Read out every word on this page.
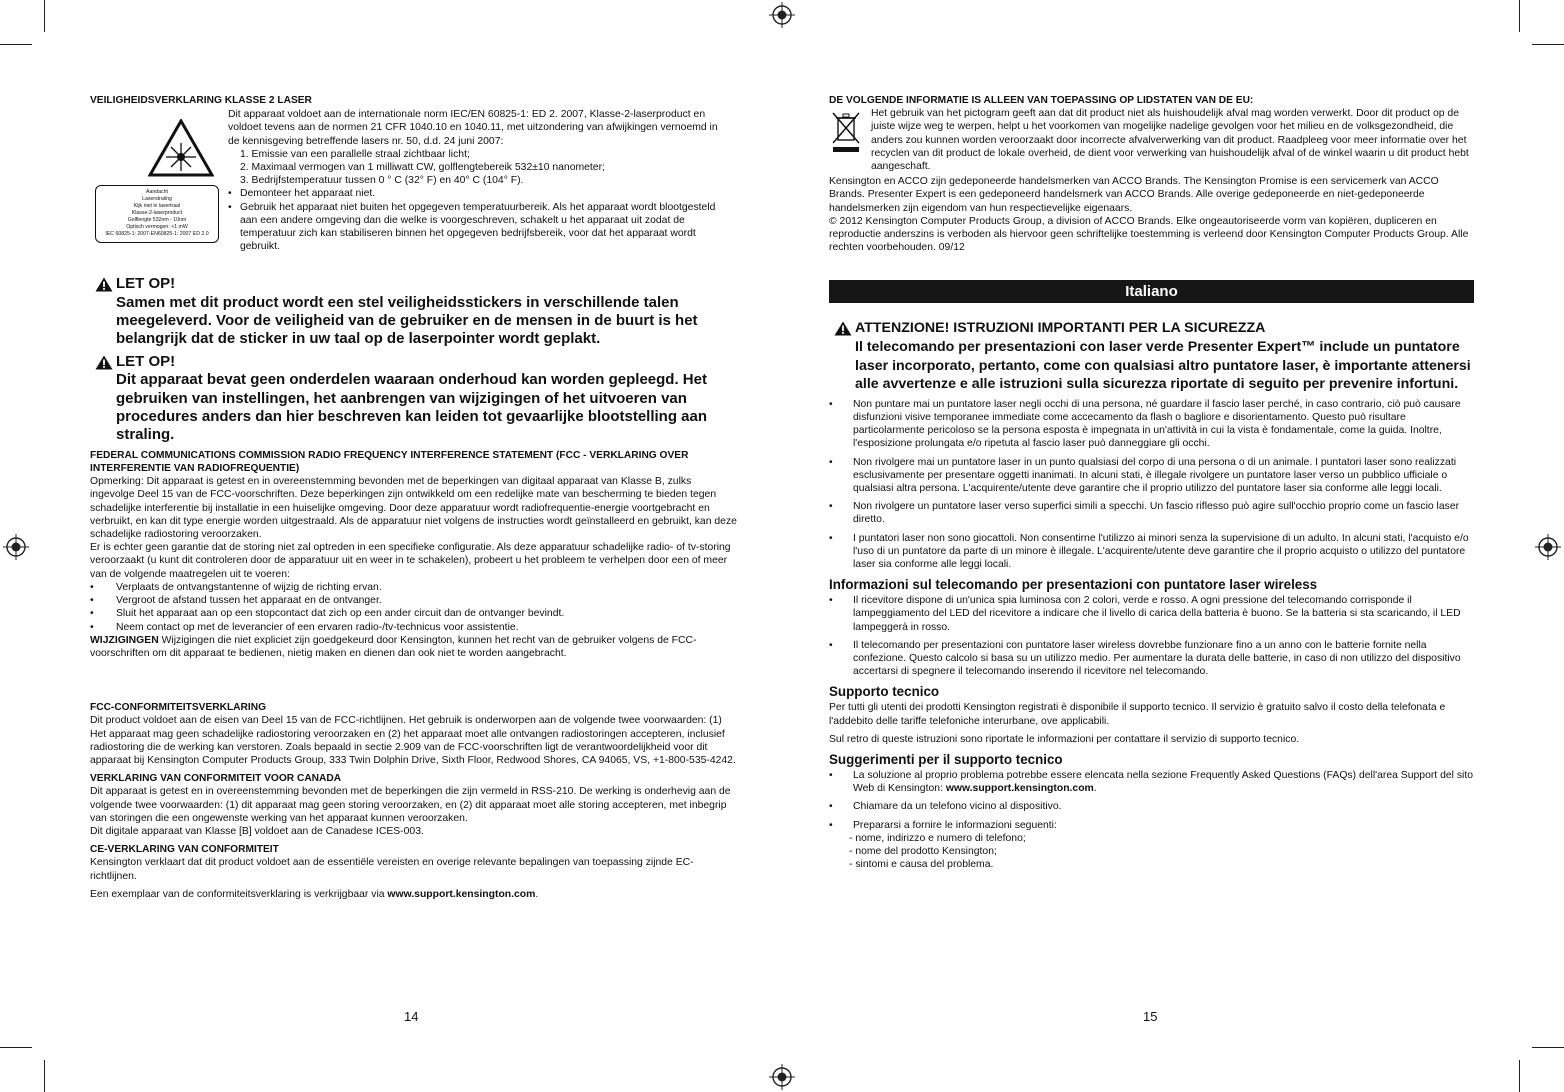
VEILIGHEIDSVERKLARING KLASSE 2 LASER

Aandacht
Laserstraling
Kijk niet in lasertraal
Klasse-2-laserproduct
Golflengte 532nm - 10nm
Optisch vermogen: <1 mW
IEC 60825-1: 2007-EN60825-1: 2007 ED 2.0

Dit apparaat voldoet aan de internationale norm IEC/EN 60825-1: ED 2. 2007, Klasse-2-laserproduct en voldoet tevens aan de normen 21 CFR 1040.10 en 1040.11, met uitzondering van afwijkingen vernoemd in de kennisgeving betreffende lasers nr. 50, d.d. 24 juni 2007:

1. Emissie van een parallelle straal zichtbaar licht;
2. Maximaal vermogen van 1 milliwatt CW, golflengtebereik 532±10 nanometer;
3. Bedrijfstemperatuur tussen 0 ° C (32° F) en 40° C (104° F).
• Demonteer het apparaat niet.
• Gebruik het apparaat niet buiten het opgegeven temperatuurbereik. Als het apparaat wordt blootgesteld aan een andere omgeving dan die welke is voorgeschreven, schakelt u het apparaat uit zodat de temperatuur zich kan stabiliseren binnen het opgegeven bedrijfsbereik, voor dat het apparaat wordt gebruikt.
LET OP!
Samen met dit product wordt een stel veiligheidsstickers in verschillende talen meegeleverd. Voor de veiligheid van de gebruiker en de mensen in de buurt is het belangrijk dat de sticker in uw taal op de laserpointer wordt geplakt.
LET OP!
Dit apparaat bevat geen onderdelen waaraan onderhoud kan worden gepleegd. Het gebruiken van instellingen, het aanbrengen van wijzigingen of het uitvoeren van procedures anders dan hier beschreven kan leiden tot gevaarlijke blootstelling aan straling.

FEDERAL COMMUNICATIONS COMMISSION RADIO FREQUENCY INTERFERENCE STATEMENT (FCC - VERKLARING OVER INTERFERENTIE VAN RADIOFREQUENTIE)

Opmerking: Dit apparaat is getest en in overeenstemming bevonden met de beperkingen van digitaal apparaat van Klasse B, zulks ingevolge Deel 15 van de FCC-voorschriften. Deze beperkingen zijn ontwikkeld om een redelijke mate van bescherming te bieden tegen schadelijke interferentie bij installatie in een huiselijke omgeving. Door deze apparatuur wordt radiofrequentie-energie voortgebracht en verbruikt, en kan dit type energie worden uitgestraald. Als de apparatuur niet volgens de instructies wordt geïnstalleerd en gebruikt, kan deze schadelijke radiostoring veroorzaken.

Er is echter geen garantie dat de storing niet zal optreden in een specifieke configuratie. Als deze apparatuur schadelijke radio- of tv-storing veroorzaakt (u kunt dit controleren door de apparatuur uit en weer in te schakelen), probeert u het probleem te verhelpen door een of meer van de volgende maatregelen uit te voeren:

• Verplaats de ontvangstantenne of wijzig de richting ervan.
• Vergroot de afstand tussen het apparaat en de ontvanger.
• Sluit het apparaat aan op een stopcontact dat zich op een ander circuit dan de ontvanger bevindt.
• Neem contact op met de leverancier of een ervaren radio-/tv-technicus voor assistentie.

WIJZIGINGEN Wijzigingen die niet expliciet zijn goedgekeurd door Kensington, kunnen het recht van de gebruiker volgens de FCC-voorschriften om dit apparaat te bedienen, nietig maken en dienen dan ook niet te worden aangebracht.

FCC-CONFORMITEITSVERKLARING

Dit product voldoet aan de eisen van Deel 15 van de FCC-richtlijnen. Het gebruik is onderworpen aan de volgende twee voorwaarden: (1) Het apparaat mag geen schadelijke radiostoring veroorzaken en (2) het apparaat moet alle ontvangen radiostoringen accepteren, inclusief radiostoring die de werking kan verstoren. Zoals bepaald in sectie 2.909 van de FCC-voorschriften ligt de verantwoordelijkheid voor dit apparaat bij Kensington Computer Products Group, 333 Twin Dolphin Drive, Sixth Floor, Redwood Shores, CA 94065, VS, +1-800-535-4242.

VERKLARING VAN CONFORMITEIT VOOR CANADA

Dit apparaat is getest en in overeenstemming bevonden met de beperkingen die zijn vermeld in RSS-210. De werking is onderhevig aan de volgende twee voorwaarden: (1) dit apparaat mag geen storing veroorzaken, en (2) dit apparaat moet alle storing accepteren, met inbegrip van storingen die een ongewenste werking van het apparaat kunnen veroorzaken.

Dit digitale apparaat van Klasse [B] voldoet aan de Canadese ICES-003.

CE-VERKLARING VAN CONFORMITEIT

Kensington verklaart dat dit product voldoet aan de essentiële vereisten en overige relevante bepalingen van toepassing zijnde EC-richtlijnen.

Een exemplaar van de conformiteitsverklaring is verkrijgbaar via www.support.kensington.com.

14

DE VOLGENDE INFORMATIE IS ALLEEN VAN TOEPASSING OP LIDSTATEN VAN DE EU:

Het gebruik van het pictogram geeft aan dat dit product niet als huishoudelijk afval mag worden verwerkt. Door dit product op de juiste wijze weg te werpen, helpt u het voorkomen van mogelijke nadelige gevolgen voor het milieu en de volksgezondheid, die anders zou kunnen worden veroorzaakt door incorrecte afvalverwerking van dit product. Raadpleeg voor meer informatie over het recyclen van dit product de lokale overheid, de dient voor verwerking van huishoudelijk afval of de winkel waarin u dit product hebt aangeschaft.

Kensington en ACCO zijn gedeponeerde handelsmerken van ACCO Brands. The Kensington Promise is een servicemerk van ACCO Brands. Presenter Expert is een gedeponeerd handelsmerk van ACCO Brands. Alle overige gedeponeerde en niet-gedeponeerde handelsmerken zijn eigendom van hun respectievelijke eigenaars.

© 2012 Kensington Computer Products Group, a division of ACCO Brands. Elke ongeautoriseerde vorm van kopiëren, dupliceren en reproductie anderszins is verboden als hiervoor geen schriftelijke toestemming is verleend door Kensington Computer Products Group. Alle rechten voorbehouden. 09/12

Italiano
ATTENZIONE! ISTRUZIONI IMPORTANTI PER LA SICUREZZA
Il telecomando per presentazioni con laser verde Presenter Expert™ include un puntatore laser incorporato, pertanto, come con qualsiasi altro puntatore laser, è importante attenersi alle avvertenze e alle istruzioni sulla sicurezza riportate di seguito per prevenire infortuni.
• Non puntare mai un puntatore laser negli occhi di una persona, né guardare il fascio laser perché, in caso contrario, ciò può causare disfunzioni visive temporanee immediate come accecamento da flash o bagliore e disorientamento. Questo può risultare particolarmente pericoloso se la persona esposta è impegnata in un'attività in cui la vista è fondamentale, come la guida. Inoltre, l'esposizione prolungata e/o ripetuta al fascio laser può danneggiare gli occhi.
• Non rivolgere mai un puntatore laser in un punto qualsiasi del corpo di una persona o di un animale. I puntatori laser sono realizzati esclusivamente per presentare oggetti inanimati. In alcuni stati, è illegale rivolgere un puntatore laser verso un pubblico ufficiale o qualsiasi altra persona. L'acquirente/utente deve garantire che il proprio utilizzo del puntatore laser sia conforme alle leggi locali.
• Non rivolgere un puntatore laser verso superfici simili a specchi. Un fascio riflesso può agire sull'occhio proprio come un fascio laser diretto.
• I puntatori laser non sono giocattoli. Non consentirne l'utilizzo ai minori senza la supervisione di un adulto. In alcuni stati, l'acquisto e/o l'uso di un puntatore da parte di un minore è illegale. L'acquirente/utente deve garantire che il proprio acquisto o utilizzo del puntatore laser sia conforme alle leggi locali.

Informazioni sul telecomando per presentazioni con puntatore laser wireless

• Il ricevitore dispone di un'unica spia luminosa con 2 colori, verde e rosso. A ogni pressione del telecomando corrisponde il lampeggiamento del LED del ricevitore a indicare che il livello di carica della batteria è buono. Se la batteria si sta scaricando, il LED lampeggerà in rosso.
• Il telecomando per presentazioni con puntatore laser wireless dovrebbe funzionare fino a un anno con le batterie fornite nella confezione. Questo calcolo si basa su un utilizzo medio. Per aumentare la durata delle batterie, in caso di non utilizzo del dispositivo accertarsi di spegnere il telecomando inserendo il ricevitore nel telecomando.

Supporto tecnico

Per tutti gli utenti dei prodotti Kensington registrati è disponibile il supporto tecnico. Il servizio è gratuito salvo il costo della telefonata e l'addebito delle tariffe telefoniche interurbane, ove applicabili.

Sul retro di queste istruzioni sono riportate le informazioni per contattare il servizio di supporto tecnico.

Suggerimenti per il supporto tecnico

• La soluzione al proprio problema potrebbe essere elencata nella sezione Frequently Asked Questions (FAQs) dell'area Support del sito Web di Kensington: www.support.kensington.com.
• Chiamare da un telefono vicino al dispositivo.
• Prepararsi a fornire le informazioni seguenti:
- nome, indirizzo e numero di telefono;
- nome del prodotto Kensington;
- sintomi e causa del problema.
15
